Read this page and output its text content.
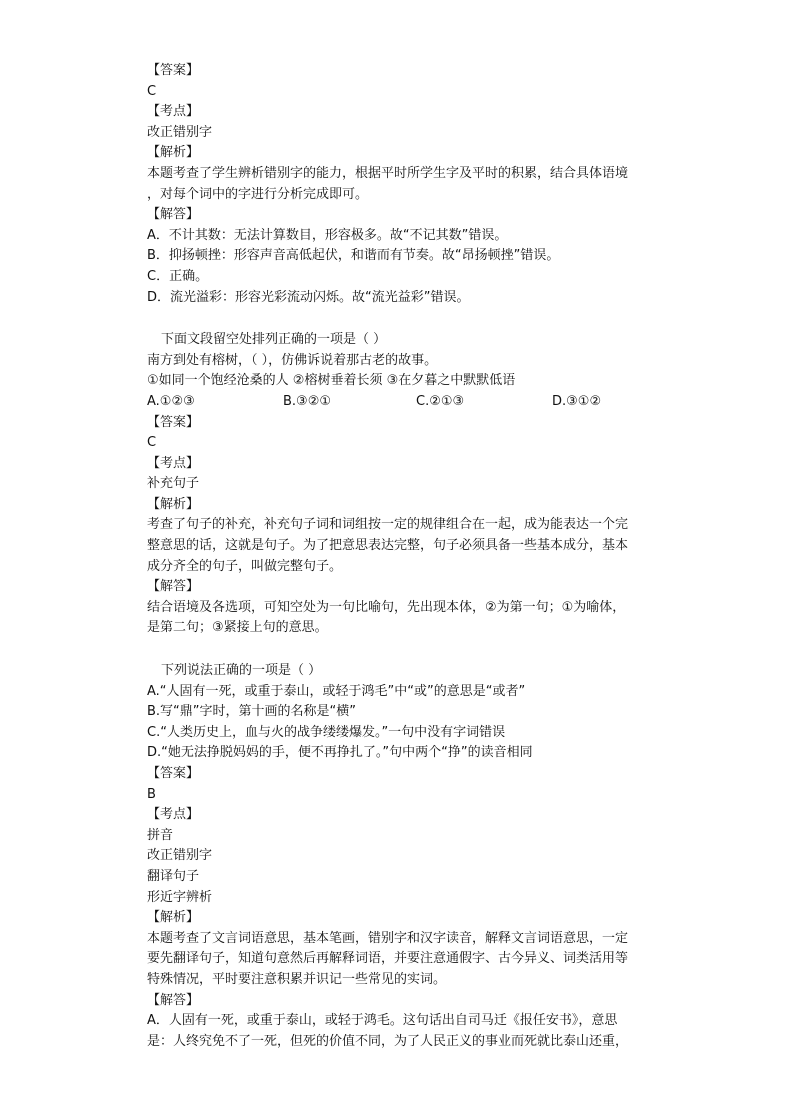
【答案】
C
【考点】
改正错别字
【解析】
本题考查了学生辨析错别字的能力，根据平时所学生字及平时的积累，结合具体语境
，对每个词中的字进行分析完成即可。
【解答】
A．不计其数：无法计算数目，形容极多。故“不记其数”错误。
B．抑扬顿挫：形容声音高低起伏，和谐而有节奏。故“昂扬顿挫”错误。
C．正确。
D．流光溢彩：形容光彩流动闪烁。故“流光益彩”错误。
下面文段留空处排列正确的一项是（ ）
南方到处有榕树，（ ），仿佛诉说着那古老的故事。
①如同一个饱经沧桑的人 ②榕树垂着长须 ③在夕暮之中默默低语
A.①②③	B.③②①	C.②①③	D.③①②
【答案】
C
【考点】
补充句子
【解析】
考查了句子的补充，补充句子词和词组按一定的规律组合在一起，成为能表达一个完
整意思的话，这就是句子。为了把意思表达完整，句子必须具备一些基本成分，基本
成分齐全的句子，叫做完整句子。
【解答】
结合语境及各选项，可知空处为一句比喻句，先出现本体，②为第一句；①为喻体，
是第二句；③紧接上句的意思。
下列说法正确的一项是（ ）
A.“人固有一死，或重于泰山，或轻于鸿毛”中“或”的意思是“或者”
B.写“鼎”字时，第十画的名称是“横”
C.“人类历史上，血与火的战争缕缕爆发。”一句中没有字词错误
D.“她无法挣脱妈妈的手，便不再挣扎了。”句中两个“挣”的读音相同
【答案】
B
【考点】
拼音
改正错别字
翻译句子
形近字辨析
【解析】
本题考查了文言词语意思，基本笔画，错别字和汉字读音，解释文言词语意思，一定
要先翻译句子，知道句意然后再解释词语，并要注意通假字、古今异义、词类活用等
特殊情况，平时要注意积累并识记一些常见的实词。
【解答】
A．人固有一死，或重于泰山，或轻于鸿毛。这句话出自司马迁《报任安书》，意思
是：人终究免不了一死，但死的价值不同，为了人民正义的事业而死就比泰山还重，
